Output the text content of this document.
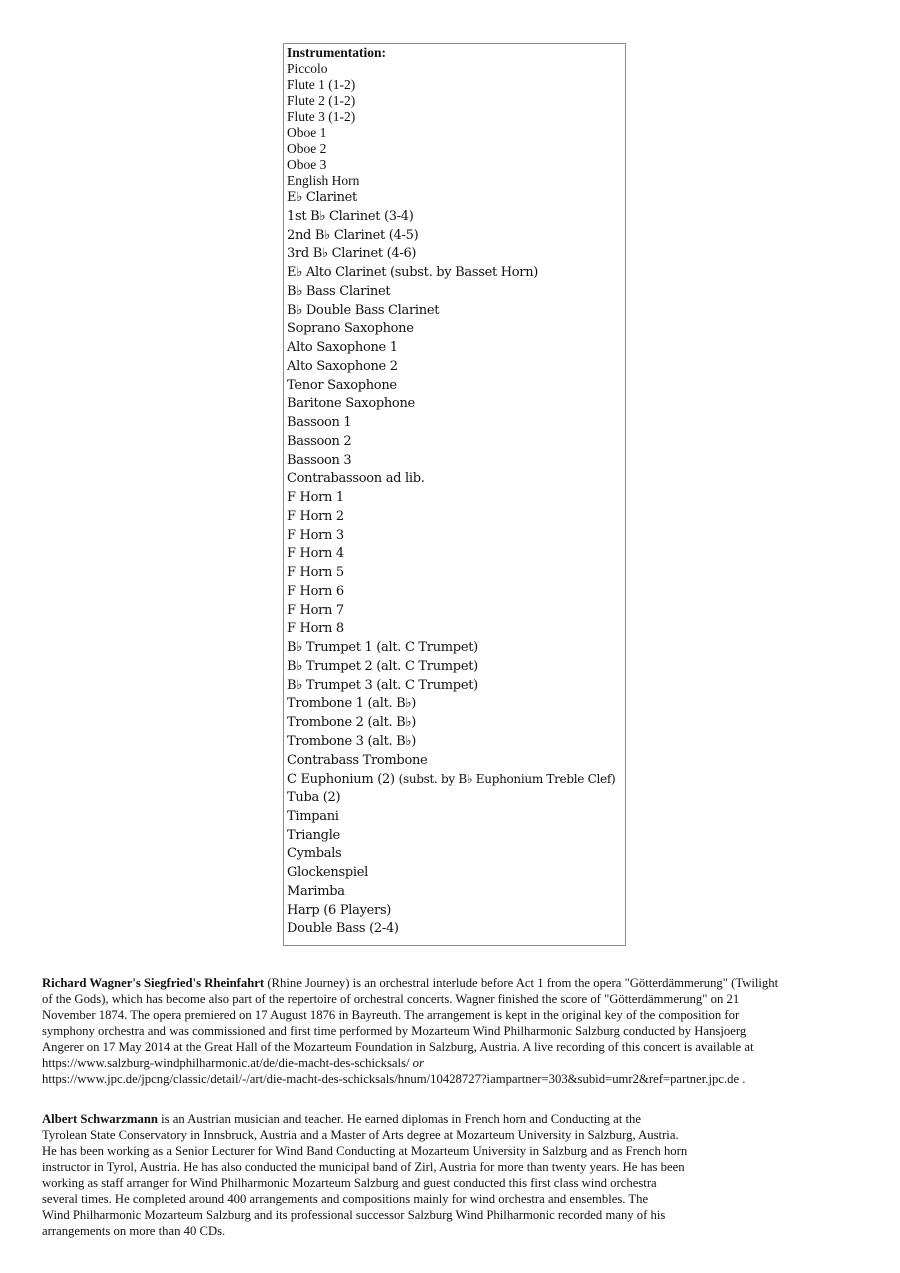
Instrumentation:
Piccolo
Flute 1 (1-2)
Flute 2 (1-2)
Flute 3 (1-2)
Oboe 1
Oboe 2
Oboe 3
English Horn
E♭ Clarinet
1st B♭ Clarinet (3-4)
2nd B♭ Clarinet (4-5)
3rd B♭ Clarinet (4-6)
E♭ Alto Clarinet (subst. by Basset Horn)
B♭ Bass Clarinet
B♭ Double Bass Clarinet
Soprano Saxophone
Alto Saxophone 1
Alto Saxophone 2
Tenor Saxophone
Baritone Saxophone
Bassoon 1
Bassoon 2
Bassoon 3
Contrabassoon ad lib.
F Horn 1
F Horn 2
F Horn 3
F Horn 4
F Horn 5
F Horn 6
F Horn 7
F Horn 8
B♭ Trumpet 1 (alt. C Trumpet)
B♭ Trumpet 2 (alt. C Trumpet)
B♭ Trumpet 3 (alt. C Trumpet)
Trombone 1 (alt. B♭)
Trombone 2 (alt. B♭)
Trombone 3 (alt. B♭)
Contrabass Trombone
C Euphonium (2) (subst. by B♭ Euphonium Treble Clef)
Tuba (2)
Timpani
Triangle
Cymbals
Glockenspiel
Marimba
Harp (6 Players)
Double Bass (2-4)
Richard Wagner's Siegfried's Rheinfahrt (Rhine Journey) is an orchestral interlude before Act 1 from the opera "Götterdämmerung" (Twilight
of the Gods), which has become also part of the repertoire of orchestral concerts. Wagner finished the score of "Götterdämmerung" on 21
November 1874. The opera premiered on 17 August 1876 in Bayreuth. The arrangement is kept in the original key of the composition for
symphony orchestra and was commissioned and first time performed by Mozarteum Wind Philharmonic Salzburg conducted by Hansjoerg
Angerer on 17 May 2014 at the Great Hall of the Mozarteum Foundation in Salzburg, Austria. A live recording of this concert is available at
https://www.salzburg-windphilharmonic.at/de/die-macht-des-schicksals/ or
https://www.jpc.de/jpcng/classic/detail/-/art/die-macht-des-schicksals/hnum/10428727?iampartner=303&subid=umr2&ref=partner.jpc.de .
Albert Schwarzmann is an Austrian musician and teacher. He earned diplomas in French horn and Conducting at the
Tyrolean State Conservatory in Innsbruck, Austria and a Master of Arts degree at Mozarteum University in Salzburg, Austria.
He has been working as a Senior Lecturer for Wind Band Conducting at Mozarteum University in Salzburg and as French horn
instructor in Tyrol, Austria. He has also conducted the municipal band of Zirl, Austria for more than twenty years. He has been
working as staff arranger for Wind Philharmonic Mozarteum Salzburg and guest conducted this first class wind orchestra
several times. He completed around 400 arrangements and compositions mainly for wind orchestra and ensembles. The
Wind Philharmonic Mozarteum Salzburg and its professional successor Salzburg Wind Philharmonic recorded many of his
arrangements on more than 40 CDs.
